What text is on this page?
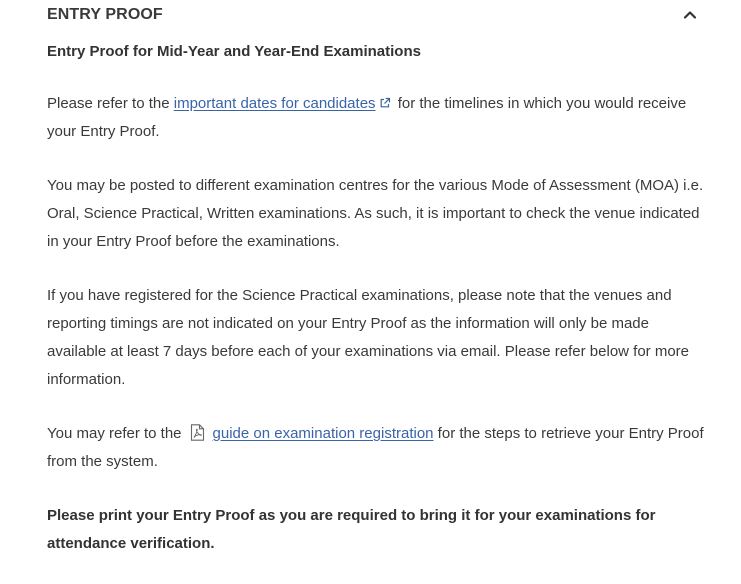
ENTRY PROOF
Entry Proof for Mid-Year and Year-End Examinations

Please refer to the important dates for candidates for the timelines in which you would receive your Entry Proof.

You may be posted to different examination centres for the various Mode of Assessment (MOA) i.e. Oral, Science Practical, Written examinations. As such, it is important to check the venue indicated in your Entry Proof before the examinations.

If you have registered for the Science Practical examinations, please note that the venues and reporting timings are not indicated on your Entry Proof as the information will only be made available at least 7 days before each of your examinations via email. Please refer below for more information.

You may refer to the guide on examination registration for the steps to retrieve your Entry Proof from the system.

Please print your Entry Proof as you are required to bring it for your examinations for attendance verification.
